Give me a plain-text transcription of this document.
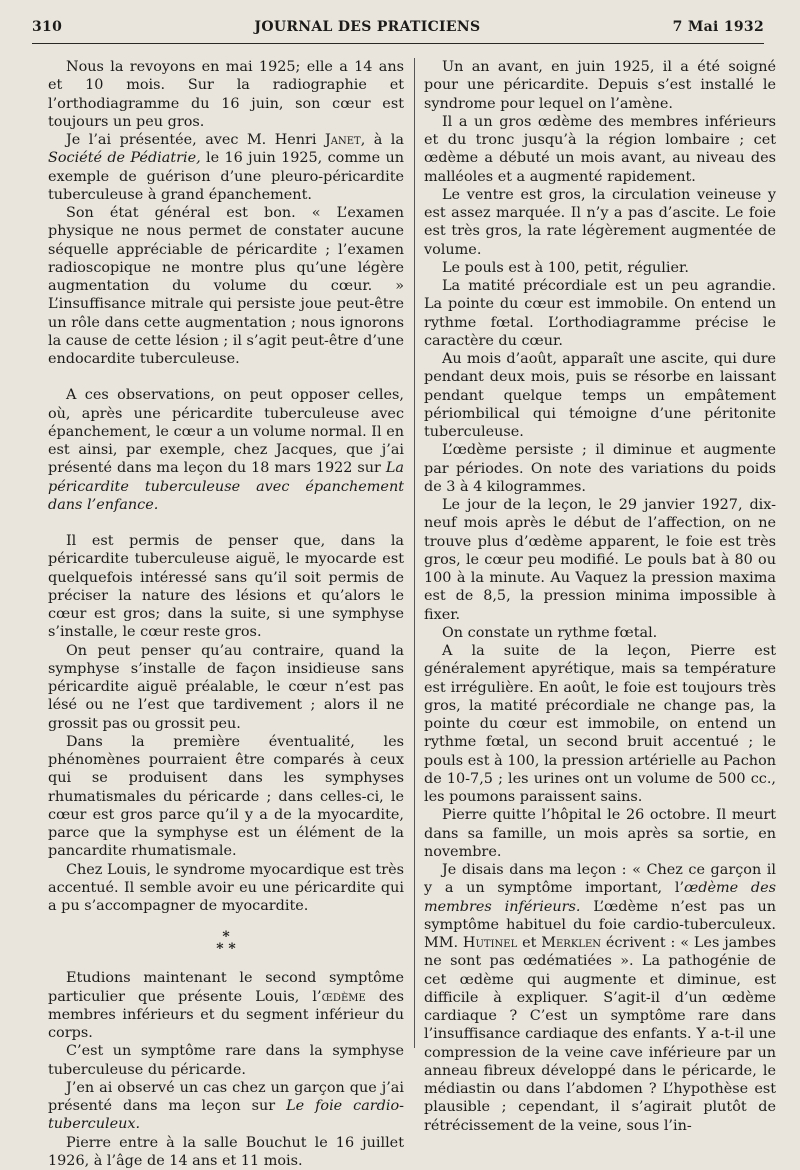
310	JOURNAL DES PRATICIENS	7 Mai 1932

Nous la revoyons en mai 1925; elle a 14 ans et 10 mois. Sur la radiographie et l’orthodiagramme du 16 juin, son cœur est toujours un peu gros.

Je l’ai présentée, avec M. Henri Janet, à la Société de Pédiatrie, le 16 juin 1925, comme un exemple de guérison d’une pleuro-péricardite tuberculeuse à grand épanchement.

Son état général est bon. « L’examen physique ne nous permet de constater aucune séquelle appréciable de péricardite ; l’examen radioscopique ne montre plus qu’une légère augmentation du volume du cœur. » L’insuffisance mitrale qui persiste joue peut-être un rôle dans cette augmentation ; nous ignorons la cause de cette lésion ; il s’agit peut-être d’une endocardite tuberculeuse.

A ces observations, on peut opposer celles, où, après une péricardite tuberculeuse avec épanchement, le cœur a un volume normal. Il en est ainsi, par exemple, chez Jacques, que j’ai présenté dans ma leçon du 18 mars 1922 sur La péricardite tuberculeuse avec épanchement dans l’enfance.

Il est permis de penser que, dans la péricardite tuberculeuse aiguë, le myocarde est quelquefois intéressé sans qu’il soit permis de préciser la nature des lésions et qu’alors le cœur est gros; dans la suite, si une symphyse s’installe, le cœur reste gros.

On peut penser qu’au contraire, quand la symphyse s’installe de façon insidieuse sans péricardite aiguë préalable, le cœur n’est pas lésé ou ne l’est que tardivement ; alors il ne grossit pas ou grossit peu.

Dans la première éventualité, les phénomènes pourraient être comparés à ceux qui se produisent dans les symphyses rhumatismales du péricarde ; dans celles-ci, le cœur est gros parce qu’il y a de la myocardite, parce que la symphyse est un élément de la pancardite rhumatismale.

Chez Louis, le syndrome myocardique est très accentué. Il semble avoir eu une péricardite qui a pu s’accompagner de myocardite.

*
* *

Etudions maintenant le second symptôme particulier que présente Louis, l’œdème des membres inférieurs et du segment inférieur du corps.

C’est un symptôme rare dans la symphyse tuberculeuse du péricarde.

J’en ai observé un cas chez un garçon que j’ai présenté dans ma leçon sur Le foie cardio-tuberculeux.

Pierre entre à la salle Bouchut le 16 juillet 1926, à l’âge de 14 ans et 11 mois.

Un an avant, en juin 1925, il a été soigné pour une péricardite. Depuis s’est installé le syndrome pour lequel on l’amène.

Il a un gros œdème des membres inférieurs et du tronc jusqu’à la région lombaire ; cet œdème a débuté un mois avant, au niveau des malléoles et a augmenté rapidement.

Le ventre est gros, la circulation veineuse y est assez marquée. Il n’y a pas d’ascite. Le foie est très gros, la rate légèrement augmentée de volume.

Le pouls est à 100, petit, régulier.

La matité précordiale est un peu agrandie. La pointe du cœur est immobile. On entend un rythme fœtal. L’orthodiagramme précise le caractère du cœur.

Au mois d’août, apparaît une ascite, qui dure pendant deux mois, puis se résorbe en laissant pendant quelque temps un empâtement périombilical qui témoigne d’une péritonite tuberculeuse.

L’œdème persiste ; il diminue et augmente par périodes. On note des variations du poids de 3 à 4 kilogrammes.

Le jour de la leçon, le 29 janvier 1927, dix-neuf mois après le début de l’affection, on ne trouve plus d’œdème apparent, le foie est très gros, le cœur peu modifié. Le pouls bat à 80 ou 100 à la minute. Au Vaquez la pression maxima est de 8,5, la pression minima impossible à fixer.

On constate un rythme fœtal.

A la suite de la leçon, Pierre est généralement apyrétique, mais sa température est irrégulière. En août, le foie est toujours très gros, la matité précordiale ne change pas, la pointe du cœur est immobile, on entend un rythme fœtal, un second bruit accentué ; le pouls est à 100, la pression artérielle au Pachon de 10-7,5 ; les urines ont un volume de 500 cc., les poumons paraissent sains.

Pierre quitte l’hôpital le 26 octobre. Il meurt dans sa famille, un mois après sa sortie, en novembre.

Je disais dans ma leçon : « Chez ce garçon il y a un symptôme important, l’œdème des membres inférieurs. L’œdème n’est pas un symptôme habituel du foie cardio-tuberculeux. MM. Hutinel et Merklen écrivent : « Les jambes ne sont pas œdématiées ». La pathogénie de cet œdème qui augmente et diminue, est difficile à expliquer. S’agit-il d’un œdème cardiaque ? C’est un symptôme rare dans l’insuffisance cardiaque des enfants. Y a-t-il une compression de la veine cave inférieure par un anneau fibreux développé dans le péricarde, le médiastin ou dans l’abdomen ? L’hypothèse est plausible ; cependant, il s’agirait plutôt de rétrécissement de la veine, sous l’in-
